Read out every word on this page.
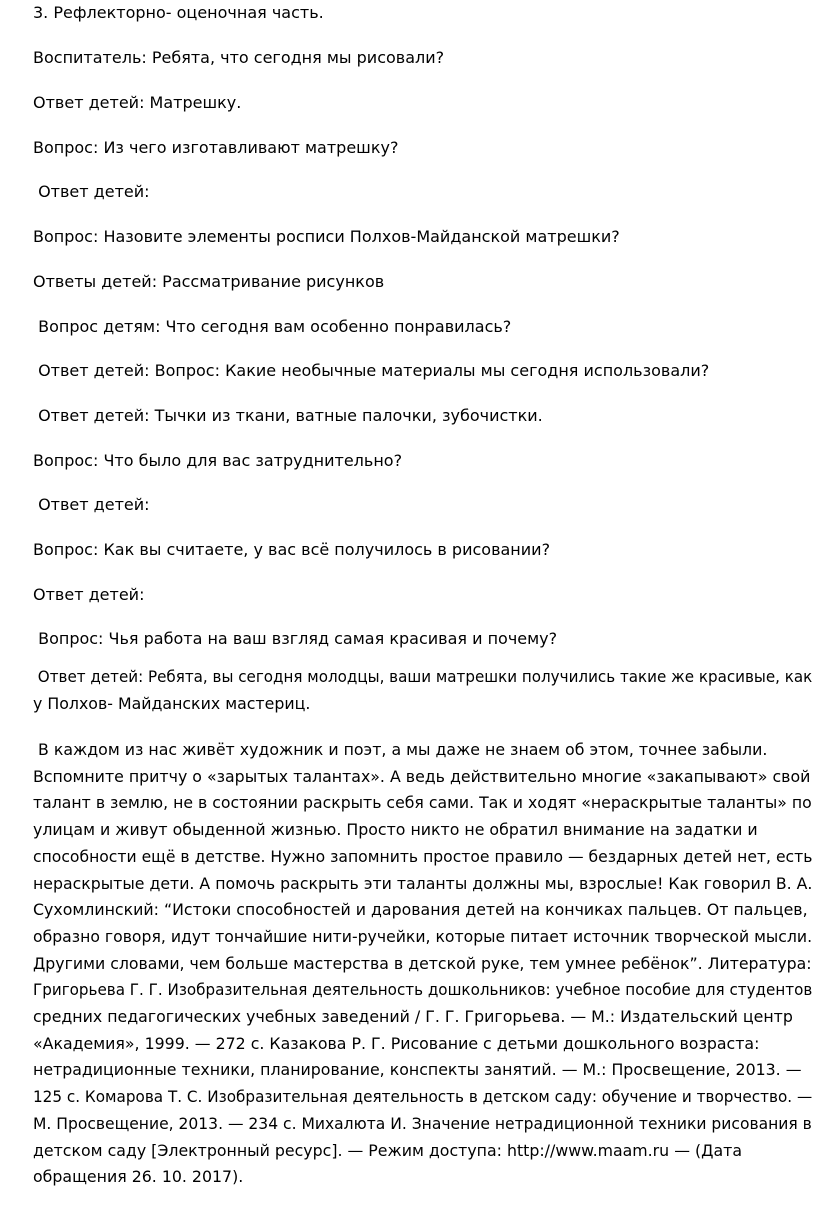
3. Рефлекторно- оценочная часть.
Воспитатель: Ребята, что сегодня мы рисовали?
Ответ детей: Матрешку.
Вопрос: Из чего изготавливают матрешку?
Ответ детей:
Вопрос: Назовите элементы росписи Полхов-Майданской матрешки?
Ответы детей: Рассматривание рисунков
Вопрос детям: Что сегодня вам особенно понравилась?
Ответ детей: Вопрос: Какие необычные материалы мы сегодня использовали?
Ответ детей: Тычки из ткани, ватные палочки, зубочистки.
Вопрос: Что было для вас затруднительно?
Ответ детей:
Вопрос: Как вы считаете, у вас всё получилось в рисовании?
Ответ детей:
Вопрос: Чья работа на ваш взгляд самая красивая и почему?
Ответ детей: Ребята, вы сегодня молодцы, ваши матрешки получились такие же красивые, как
у Полхов- Майданских мастериц.
В каждом из нас живёт художник и поэт, а мы даже не знаем об этом, точнее забыли.
Вспомните притчу о «зарытых талантах». А ведь действительно многие «закапывают» свой
талант в землю, не в состоянии раскрыть себя сами. Так и ходят «нераскрытые таланты» по
улицам и живут обыденной жизнью. Просто никто не обратил внимание на задатки и
способности ещё в детстве. Нужно запомнить простое правило — бездарных детей нет, есть
нераскрытые дети. А помочь раскрыть эти таланты должны мы, взрослые! Как говорил В. А.
Сухомлинский: “Истоки способностей и дарования детей на кончиках пальцев. От пальцев,
образно говоря, идут тончайшие нити-ручейки, которые питает источник творческой мысли.
Другими словами, чем больше мастерства в детской руке, тем умнее ребёнок”. Литература:
Григорьева Г. Г. Изобразительная деятельность дошкольников: учебное пособие для студентов
средних педагогических учебных заведений / Г. Г. Григорьева. — М.: Издательский центр
«Академия», 1999. — 272 с. Казакова Р. Г. Рисование с детьми дошкольного возраста:
нетрадиционные техники, планирование, конспекты занятий. — М.: Просвещение, 2013. —
125 с. Комарова Т. С. Изобразительная деятельность в детском саду: обучение и творчество. —
М. Просвещение, 2013. — 234 с. Михалюта И. Значение нетрадиционной техники рисования в
детском саду [Электронный ресурс]. — Режим доступа: http://www.maam.ru — (Дата
обращения 26. 10. 2017).
